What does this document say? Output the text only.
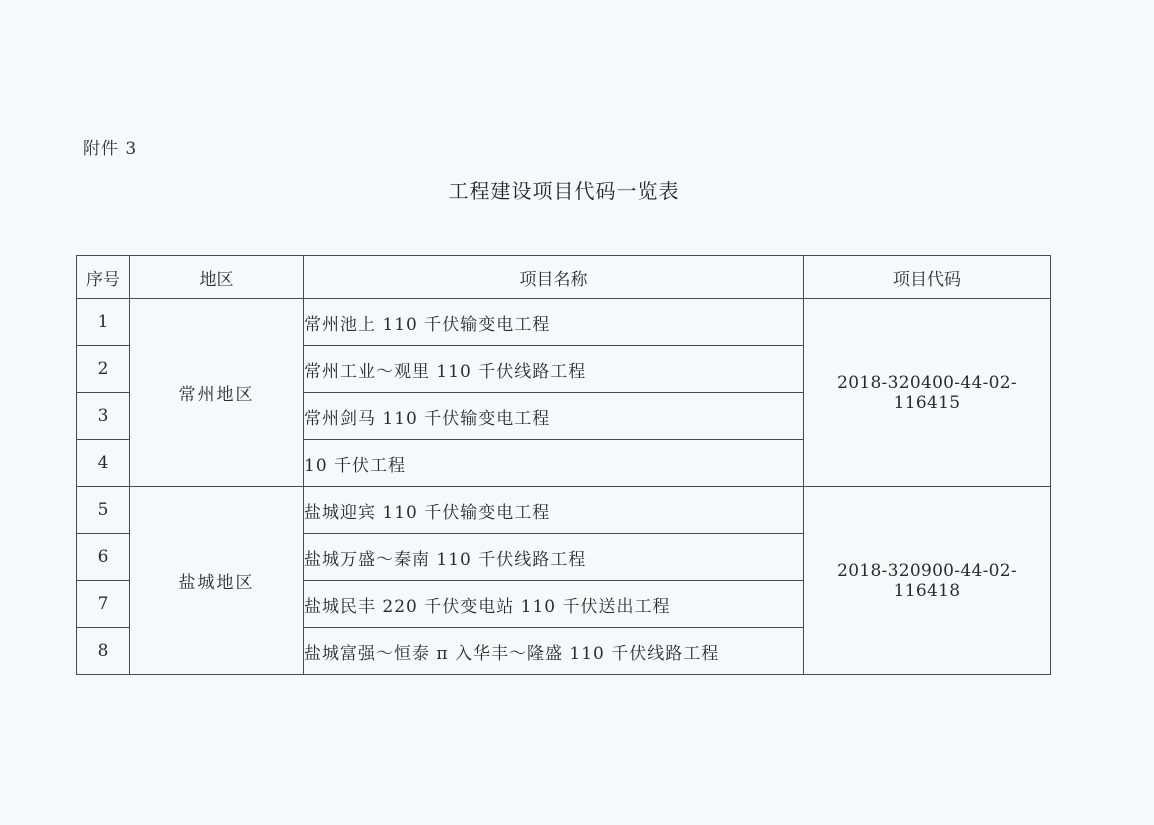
附件 3
工程建设项目代码一览表
序号	地区	项目名称	项目代码
1	常州地区	常州池上 110 千伏输变电工程	2018-320400-44-02-116415
2		常州工业～观里 110 千伏线路工程	
3		常州剑马 110 千伏输变电工程	
4		10 千伏工程	
5	盐城地区	盐城迎宾 110 千伏输变电工程	2018-320900-44-02-116418
6		盐城万盛～秦南 110 千伏线路工程	
7		盐城民丰 220 千伏变电站 110 千伏送出工程	
8		盐城富强～恒泰 π 入华丰～隆盛 110 千伏线路工程	
